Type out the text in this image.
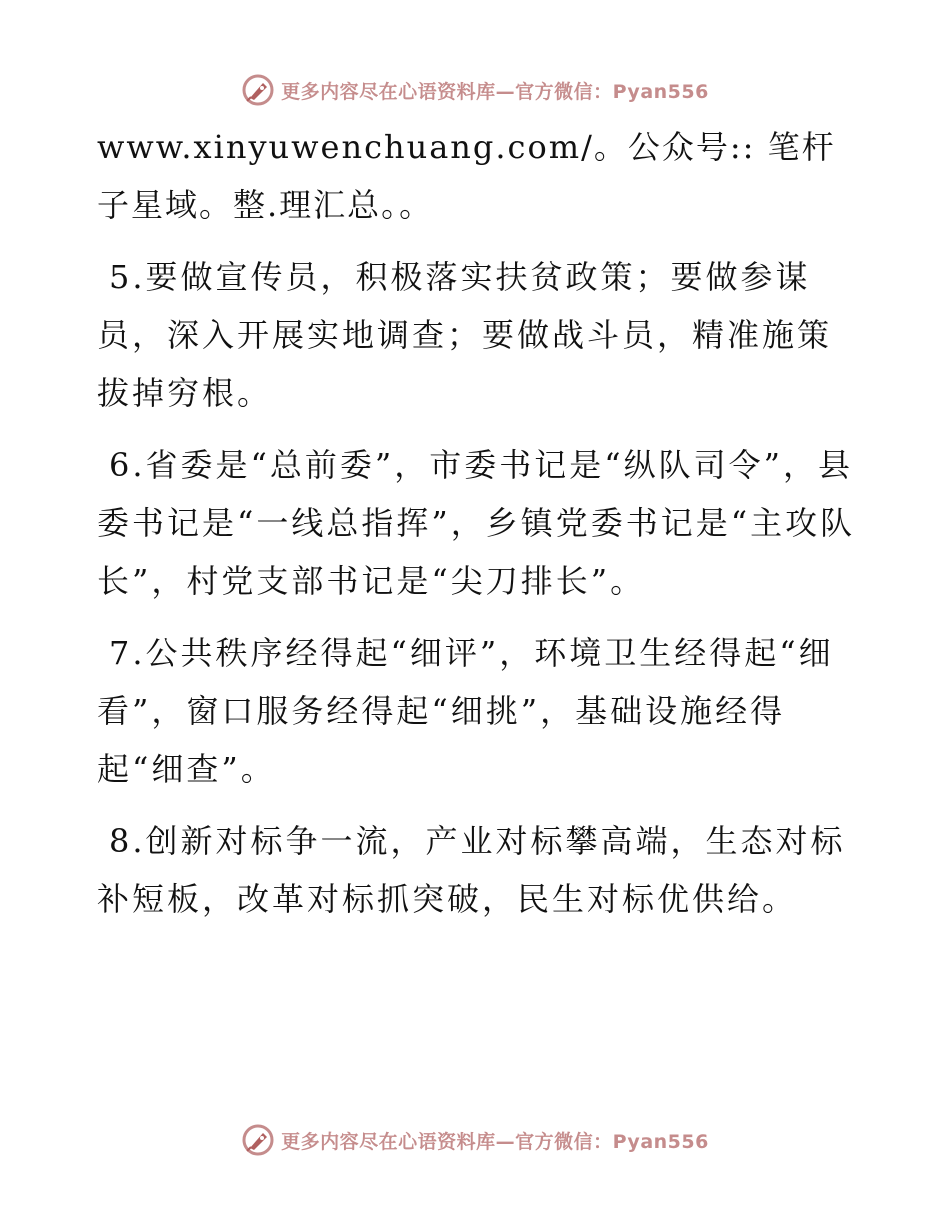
更多内容尽在心语资料库—官方微信：Pyan556

www.xinyuwenchuang.com/。公众号:: 笔杆子星域。整.理汇总。。

5.要做宣传员，积极落实扶贫政策；要做参谋员，深入开展实地调查；要做战斗员，精准施策拔掉穷根。

6.省委是“总前委”，市委书记是“纵队司令”，县委书记是“一线总指挥”，乡镇党委书记是“主攻队长”，村党支部书记是“尖刀排长”。

7.公共秩序经得起“细评”，环境卫生经得起“细看”，窗口服务经得起“细挑”，基础设施经得起“细查”。

8.创新对标争一流，产业对标攀高端，生态对标补短板，改革对标抓突破，民生对标优供给。

更多内容尽在心语资料库—官方微信：Pyan556
